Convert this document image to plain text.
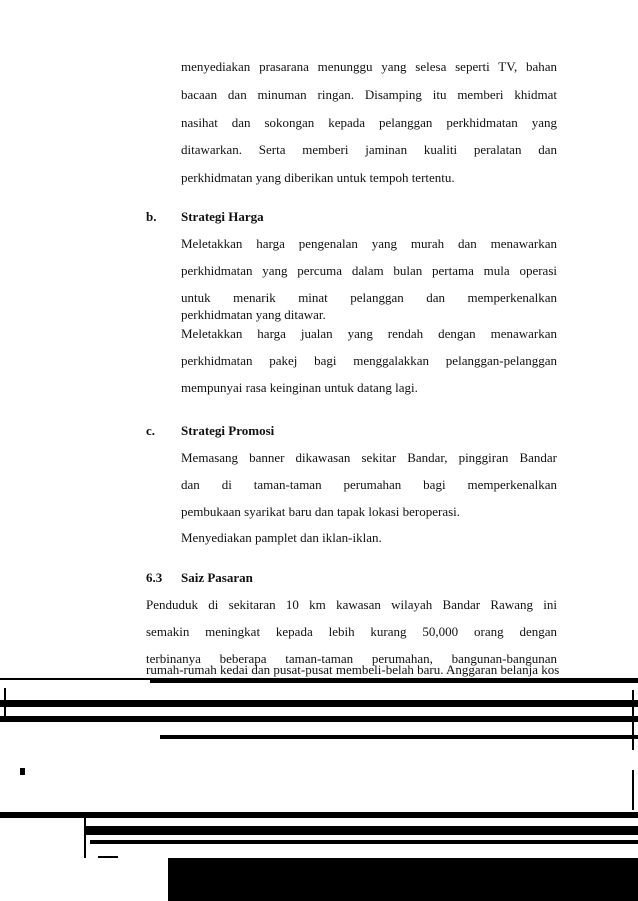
menyediakan prasarana menunggu yang selesa seperti TV, bahan
bacaan dan minuman ringan. Disamping itu memberi khidmat
nasihat dan sokongan kepada pelanggan perkhidmatan yang
ditawarkan. Serta memberi jaminan kualiti peralatan dan
perkhidmatan yang diberikan untuk tempoh tertentu.
b. Strategi Harga
Meletakkan harga pengenalan yang murah dan menawarkan
perkhidmatan yang percuma dalam bulan pertama mula operasi
untuk menarik minat pelanggan dan memperkenalkan
perkhidmatan yang ditawar.
Meletakkan harga jualan yang rendah dengan menawarkan
perkhidmatan pakej bagi menggalakkan pelanggan-pelanggan
mempunyai rasa keinginan untuk datang lagi.
c. Strategi Promosi
Memasang banner dikawasan sekitar Bandar, pinggiran Bandar
dan di taman-taman perumahan bagi memperkenalkan
pembukaan syarikat baru dan tapak lokasi beroperasi.
Menyediakan pamplet dan iklan-iklan.
6.3 Saiz Pasaran
Penduduk di sekitaran 10 km kawasan wilayah Bandar Rawang ini
semakin meningkat kepada lebih kurang 50,000 orang dengan
terbinanya beberapa taman-taman perumahan, bangunan-bangunan
rumah-rumah kedai dan pusat-pusat membeli-belah baru. Anggaran belanja kos
